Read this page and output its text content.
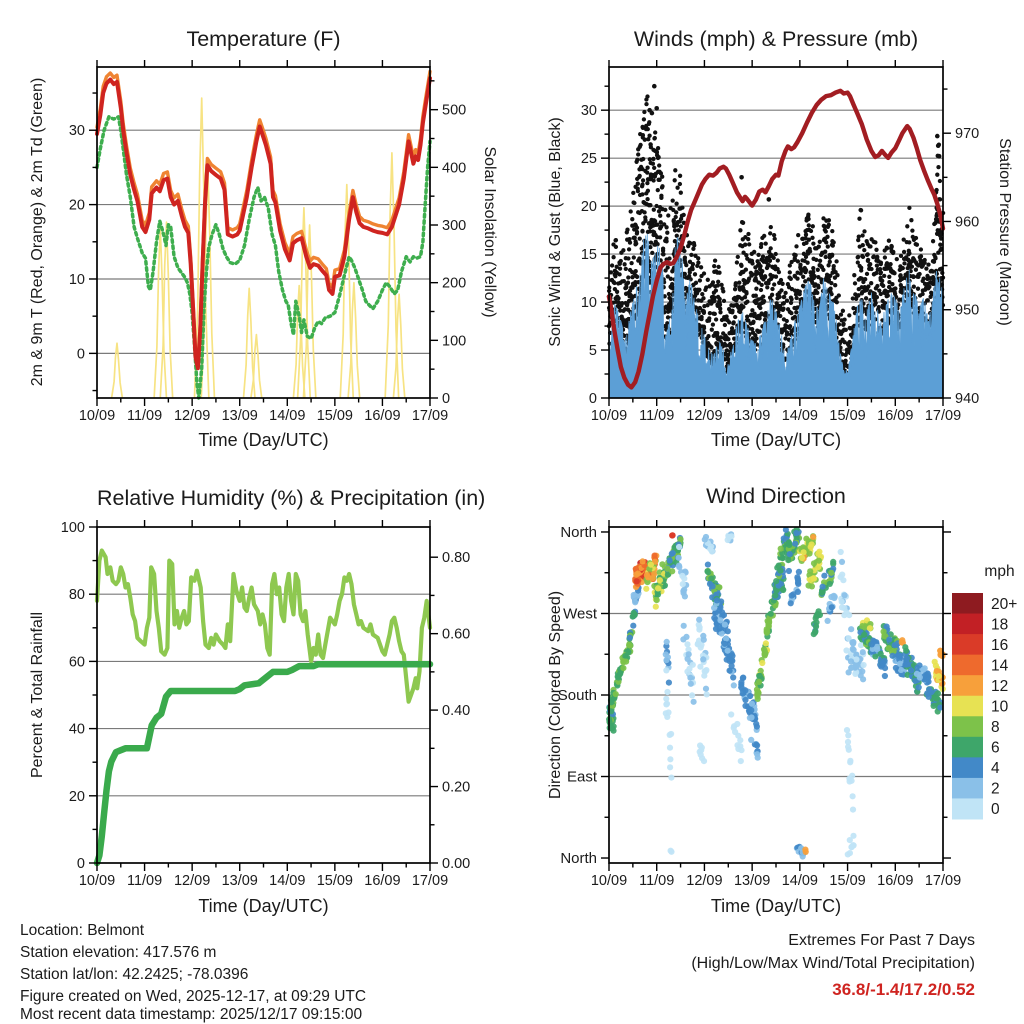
10/09 11/09 12/09 13/09 14/09 15/09 16/09 17/09
0
10
20
30
0
100
200
300
400
500
10/09 11/09 12/09 13/09 14/09 15/09 16/09 17/09
0
5
10
15
20
25
30
940
950
960
970
10/09 11/09 12/09 13/09 14/09 15/09 16/09 17/09
0
20
40
60
80
100
0.00
0.20
0.40
0.60
0.80
10/09 11/09 12/09 13/09 14/09 15/09 16/09 17/09
North
East
South
West
North
20+
18
16
14
12
10
8
6
4
2
0
Temperature (F)	Winds (mph) & Pressure (mb)
Relative Humidity (%) & Precipitation (in)	Wind Direction
2m & 9m T (Red, Orange) & 2m Td (Green)	Solar Insolation (Yellow)	Sonic Wind & Gust (Blue, Black)	Station Pressure (Maroon)
Percent & Total Rainfall	Direction (Colored By Speed)
Time (Day/UTC)	Time (Day/UTC)
Time (Day/UTC)	Time (Day/UTC)
mph
Location: Belmont
Station elevation: 417.576 m
Station lat/lon: 42.2425; -78.0396
Figure created on Wed, 2025-12-17, at 09:29 UTC
Most recent data timestamp: 2025/12/17 09:15:00
Extremes For Past 7 Days
(High/Low/Max Wind/Total Precipitation)
36.8/-1.4/17.2/0.52
